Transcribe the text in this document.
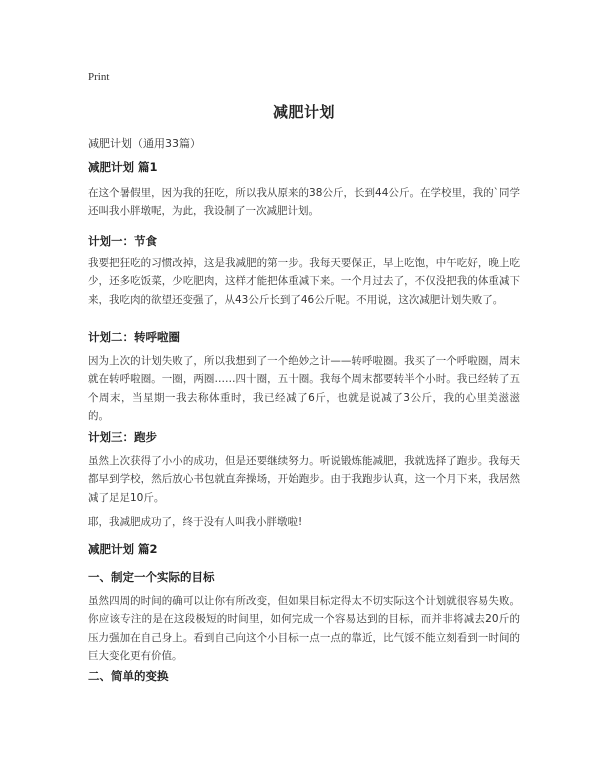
Print
减肥计划
减肥计划（通用33篇）
减肥计划 篇1
在这个暑假里，因为我的狂吃，所以我从原来的38公斤，长到44公斤。在学校里，我的`同学还叫我小胖墩呢，为此，我设制了一次减肥计划。
计划一：节食
我要把狂吃的习惯改掉，这是我减肥的第一步。我每天要保正，早上吃饱，中午吃好，晚上吃少，还多吃饭菜，少吃肥肉，这样才能把体重减下来。一个月过去了，不仅没把我的体重减下来，我吃肉的欲望还变强了，从43公斤长到了46公斤呢。不用说，这次减肥计划失败了。
计划二：转呼啦圈
因为上次的计划失败了，所以我想到了一个绝妙之计——转呼啦圈。我买了一个呼啦圈，周末就在转呼啦圈。一圈，两圈……四十圈，五十圈。我每个周末都要转半个小时。我已经转了五个周末，当星期一我去称体重时，我已经减了6斤，也就是说减了3公斤，我的心里美滋滋的。
计划三：跑步
虽然上次获得了小小的成功，但是还要继续努力。听说锻炼能减肥，我就选择了跑步。我每天都早到学校，然后放心书包就直奔操场，开始跑步。由于我跑步认真，这一个月下来，我居然减了足足10斤。
耶，我减肥成功了，终于没有人叫我小胖墩啦!
减肥计划 篇2
一、制定一个实际的目标
虽然四周的时间的确可以让你有所改变，但如果目标定得太不切实际这个计划就很容易失败。你应该专注的是在这段极短的时间里，如何完成一个容易达到的目标，而并非将减去20斤的压力强加在自己身上。看到自己向这个小目标一点一点的靠近，比气馁不能立刻看到一时间的巨大变化更有价值。
二、简单的变换
